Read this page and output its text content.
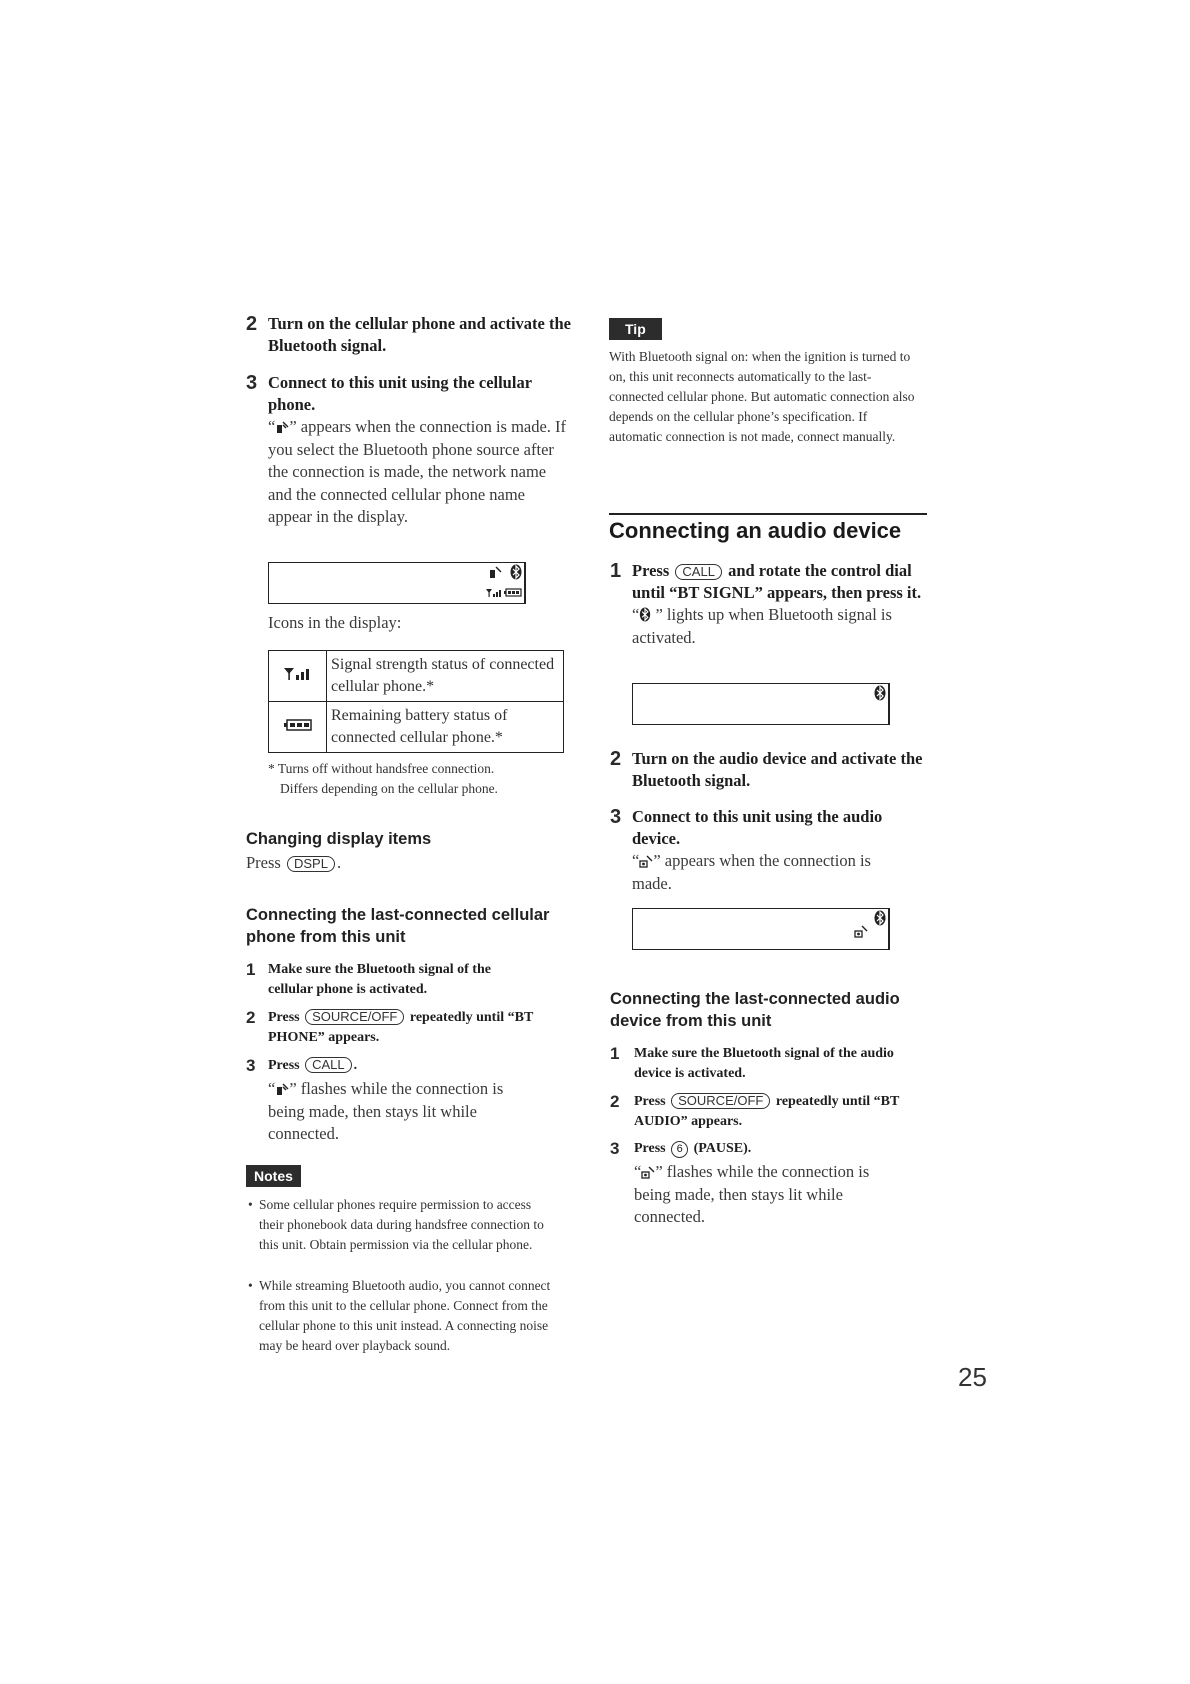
2 Turn on the cellular phone and activate the Bluetooth signal.
3 Connect to this unit using the cellular phone.
“ ” appears when the connection is made. If you select the Bluetooth phone source after the connection is made, the network name and the connected cellular phone name appear in the display.
Icons in the display:
	Signal strength status of connected cellular phone.*
	Remaining battery status of connected cellular phone.*
* Turns off without handsfree connection.
Differs depending on the cellular phone.
Changing display items
Press DSPL .
Connecting the last-connected cellular phone from this unit
1 Make sure the Bluetooth signal of the cellular phone is activated.
2 Press SOURCE/OFF repeatedly until “BT PHONE” appears.
3 Press CALL .
“ ” flashes while the connection is being made, then stays lit while connected.
Notes
• Some cellular phones require permission to access their phonebook data during handsfree connection to this unit. Obtain permission via the cellular phone.
• While streaming Bluetooth audio, you cannot connect from this unit to the cellular phone. Connect from the cellular phone to this unit instead. A connecting noise may be heard over playback sound.
Tip
With Bluetooth signal on: when the ignition is turned to on, this unit reconnects automatically to the last-connected cellular phone. But automatic connection also depends on the cellular phone’s specification. If automatic connection is not made, connect manually.
Connecting an audio device
1 Press CALL and rotate the control dial until “BT SIGNL” appears, then press it.
“ ” lights up when Bluetooth signal is activated.
2 Turn on the audio device and activate the Bluetooth signal.
3 Connect to this unit using the audio device.
“ ” appears when the connection is made.
Connecting the last-connected audio device from this unit
1 Make sure the Bluetooth signal of the audio device is activated.
2 Press SOURCE/OFF repeatedly until “BT AUDIO” appears.
3 Press 6 (PAUSE).
“ ” flashes while the connection is being made, then stays lit while connected.
25
